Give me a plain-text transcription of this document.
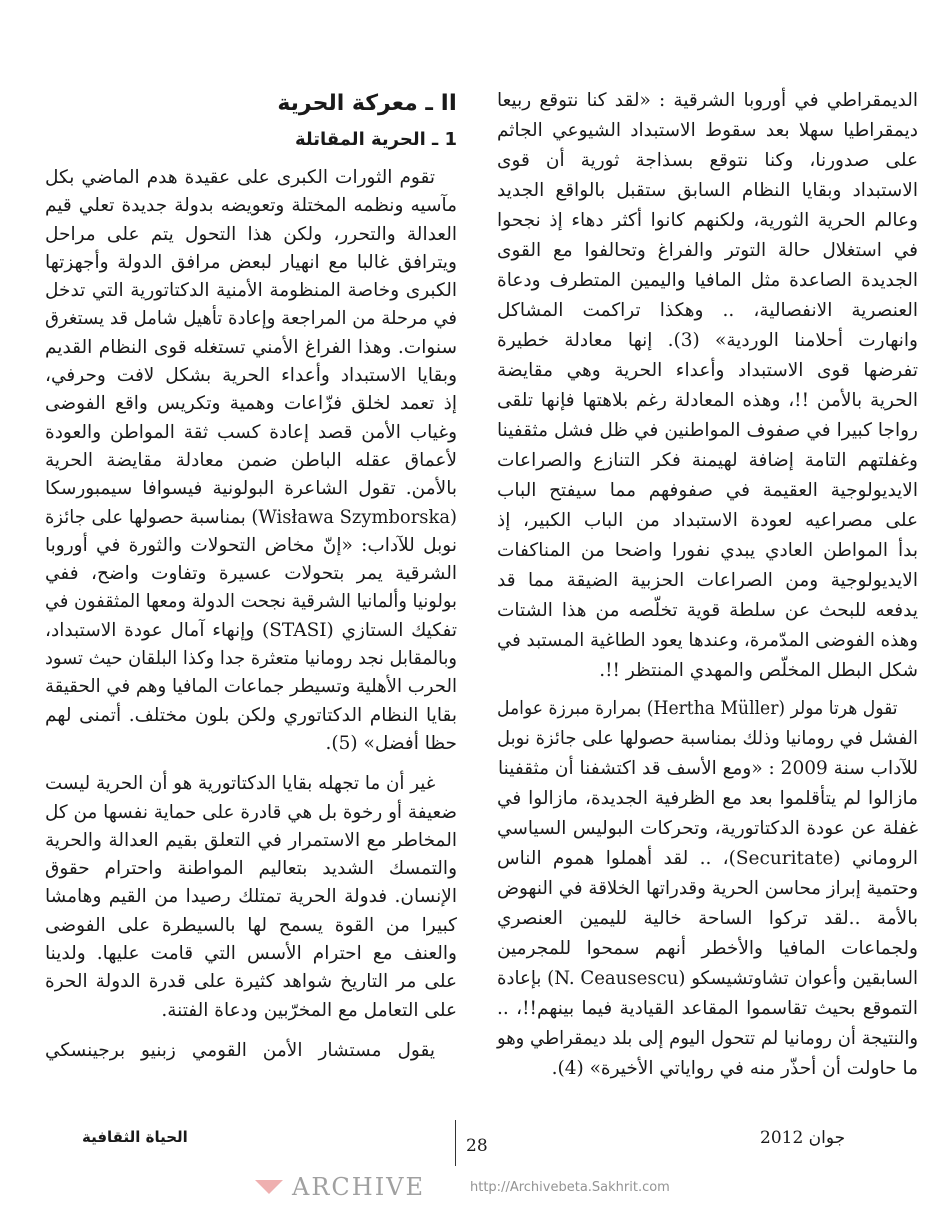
الديمقراطي في أوروبا الشرقية : «لقد كنا نتوقع ربيعا
ديمقراطيا سهلا بعد سقوط الاستبداد الشيوعي الجاثم
على صدورنا، وكنا نتوقع بسذاجة ثورية أن قوى
الاستبداد وبقايا النظام السابق ستقبل بالواقع الجديد
وعالم الحرية الثورية، ولكنهم كانوا أكثر دهاء إذ نجحوا
في استغلال حالة التوتر والفراغ وتحالفوا مع القوى
الجديدة الصاعدة مثل المافيا واليمين المتطرف ودعاة
العنصرية الانفصالية، .. وهكذا تراكمت المشاكل
وانهارت أحلامنا الوردية» (3). إنها معادلة خطيرة
تفرضها قوى الاستبداد وأعداء الحرية وهي مقايضة
الحرية بالأمن !!، وهذه المعادلة رغم بلاهتها فإنها تلقى
رواجا كبيرا في صفوف المواطنين في ظل فشل مثقفينا
وغفلتهم التامة إضافة لهيمنة فكر التنازع والصراعات
الايديولوجية العقيمة في صفوفهم مما سيفتح الباب
على مصراعيه لعودة الاستبداد من الباب الكبير، إذ
بدأ المواطن العادي يبدي نفورا واضحا من المناكفات
الايديولوجية ومن الصراعات الحزبية الضيقة مما قد
يدفعه للبحث عن سلطة قوية تخلّصه من هذا الشتات
وهذه الفوضى المدّمرة، وعندها يعود الطاغية المستبد في
شكل البطل المخلّص والمهدي المنتظر !!.
تقول هرتا مولر (Hertha Müller) بمرارة مبرزة عوامل
الفشل في رومانيا وذلك بمناسبة حصولها على جائزة نوبل
للآداب سنة 2009 : «ومع الأسف قد اكتشفنا أن مثقفينا
مازالوا لم يتأقلموا بعد مع الظرفية الجديدة، مازالوا في
غفلة عن عودة الدكتاتورية، وتحركات البوليس السياسي
الروماني (Securitate)، .. لقد أهملوا هموم الناس
وحتمية إبراز محاسن الحرية وقدراتها الخلاقة في النهوض
بالأمة ..لقد تركوا الساحة خالية لليمين العنصري
ولجماعات المافيا والأخطر أنهم سمحوا للمجرمين
السابقين وأعوان تشاوتشيسكو (N. Ceausescu) بإعادة
التموقع بحيث تقاسموا المقاعد القيادية فيما بينهم!!، ..
والنتيجة أن رومانيا لم تتحول اليوم إلى بلد ديمقراطي وهو
ما حاولت أن أحذّر منه في رواياتي الأخيرة» (4).
II ـ معركة الحرية
1 ـ الحرية المقاتلة
تقوم الثورات الكبرى على عقيدة هدم الماضي بكل
مآسيه ونظمه المختلة وتعويضه بدولة جديدة تعلي قيم
العدالة والتحرر، ولكن هذا التحول يتم على مراحل
ويترافق غالبا مع انهيار لبعض مرافق الدولة وأجهزتها
الكبرى وخاصة المنظومة الأمنية الدكتاتورية التي تدخل
في مرحلة من المراجعة وإعادة تأهيل شامل قد يستغرق
سنوات. وهذا الفراغ الأمني تستغله قوى النظام القديم
وبقايا الاستبداد وأعداء الحرية بشكل لافت وحرفي،
إذ تعمد لخلق فزّاعات وهمية وتكريس واقع الفوضى
وغياب الأمن قصد إعادة كسب ثقة المواطن والعودة
لأعماق عقله الباطن ضمن معادلة مقايضة الحرية
بالأمن. تقول الشاعرة البولونية فيسوافا سيمبورسكا
(Wisława Szymborska) بمناسبة حصولها على جائزة
نوبل للآداب: «إنّ مخاض التحولات والثورة في أوروبا
الشرقية يمر بتحولات عسيرة وتفاوت واضح، ففي
بولونيا وألمانيا الشرقية نجحت الدولة ومعها المثقفون في
تفكيك الستازي (STASI) وإنهاء آمال عودة الاستبداد،
وبالمقابل نجد رومانيا متعثرة جدا وكذا البلقان حيث تسود
الحرب الأهلية وتسيطر جماعات المافيا وهم في الحقيقة
بقايا النظام الدكتاتوري ولكن بلون مختلف. أتمنى لهم
حظا أفضل» (5).
غير أن ما تجهله بقايا الدكتاتورية هو أن الحرية ليست
ضعيفة أو رخوة بل هي قادرة على حماية نفسها من كل
المخاطر مع الاستمرار في التعلق بقيم العدالة والحرية
والتمسك الشديد بتعاليم المواطنة واحترام حقوق
الإنسان. فدولة الحرية تمتلك رصيدا من القيم وهامشا
كبيرا من القوة يسمح لها بالسيطرة على الفوضى
والعنف مع احترام الأسس التي قامت عليها. ولدينا
على مر التاريخ شواهد كثيرة على قدرة الدولة الحرة
على التعامل مع المخرّبين ودعاة الفتنة.
يقول مستشار الأمن القومي زبنيو برجينسكي
الحياة الثقافية	28	جوان 2012
ARCHIVE	http://Archivebeta.Sakhrit.com
